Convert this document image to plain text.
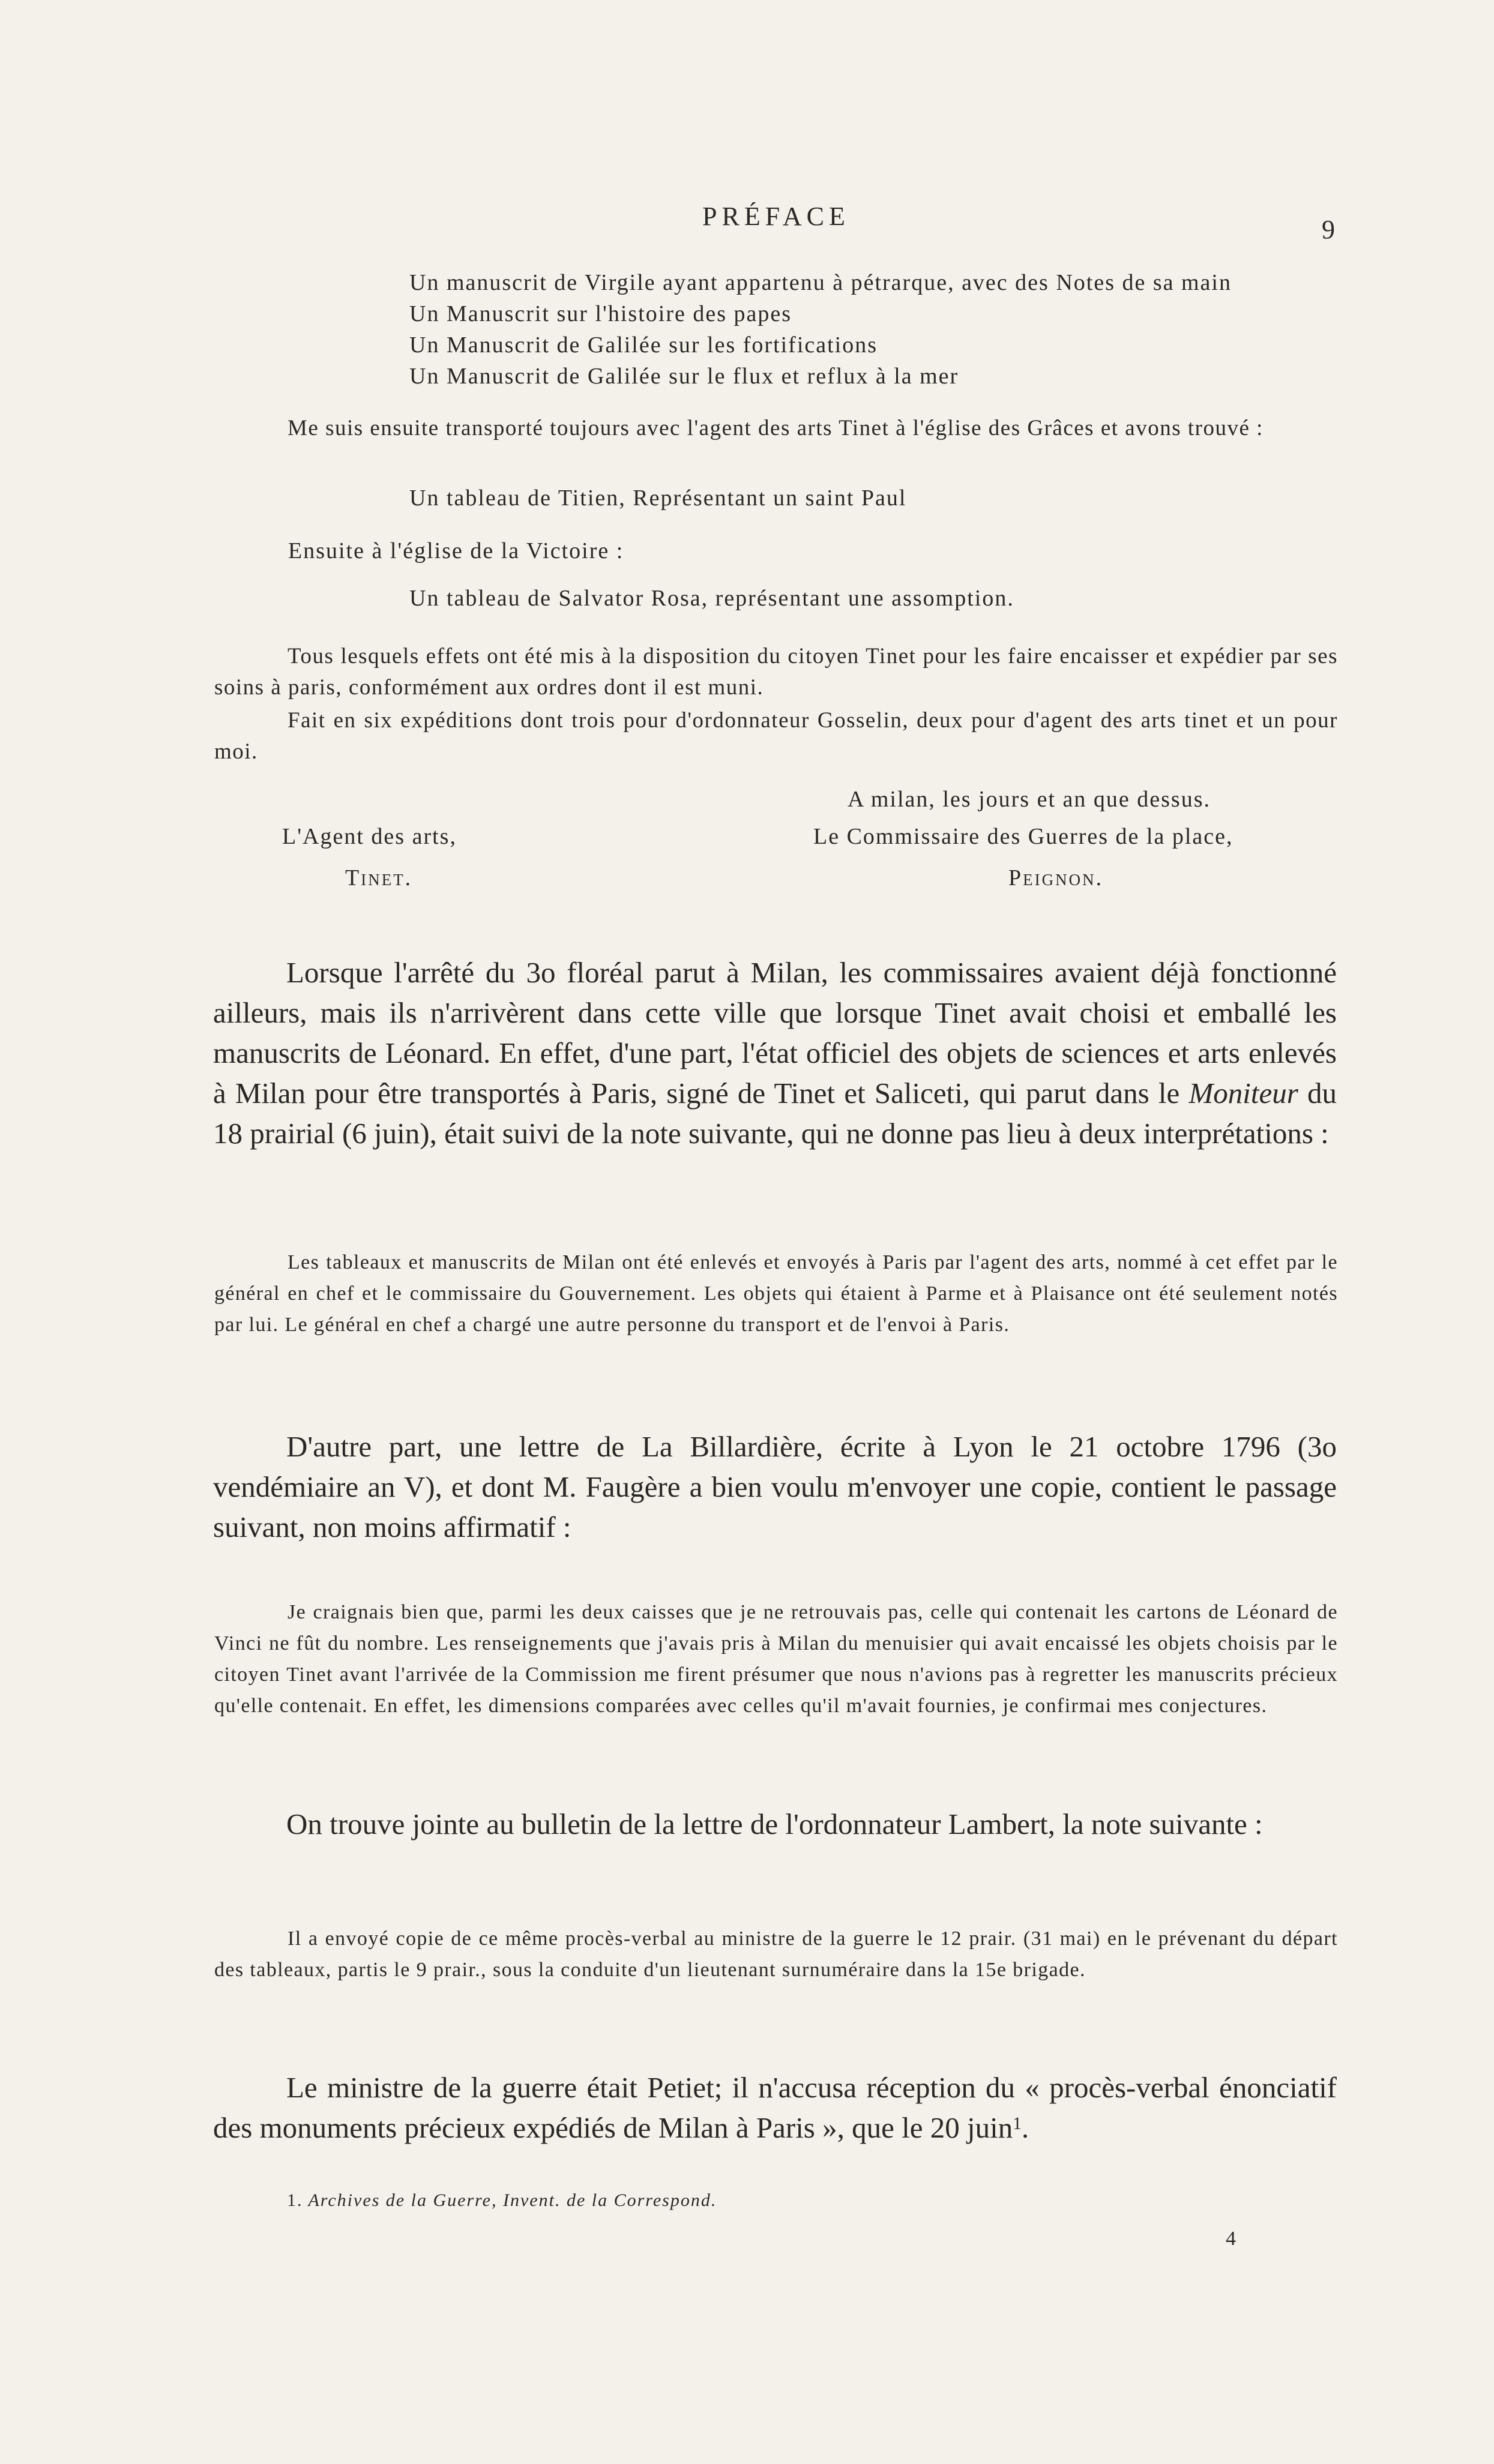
PRÉFACE	9
Un manuscrit de Virgile ayant appartenu à pétrarque, avec des Notes de sa main
Un Manuscrit sur l'histoire des papes
Un Manuscrit de Galilée sur les fortifications
Un Manuscrit de Galilée sur le flux et reflux à la mer
Me suis ensuite transporté toujours avec l'agent des arts Tinet à l'église des Grâces et avons trouvé :
Un tableau de Titien, Représentant un saint Paul
Ensuite à l'église de la Victoire :
Un tableau de Salvator Rosa, représentant une assomption.
Tous lesquels effets ont été mis à la disposition du citoyen Tinet pour les faire encaisser et expédier par ses soins à paris, conformément aux ordres dont il est muni.
Fait en six expéditions dont trois pour d'ordonnateur Gosselin, deux pour d'agent des arts tinet et un pour moi.
A milan, les jours et an que dessus.
L'Agent des arts,	Le Commissaire des Guerres de la place,
Tinet.	Peignon.
Lorsque l'arrêté du 3o floréal parut à Milan, les commissaires avaient déjà fonctionné ailleurs, mais ils n'arrivèrent dans cette ville que lorsque Tinet avait choisi et emballé les manuscrits de Léonard. En effet, d'une part, l'état officiel des objets de sciences et arts enlevés à Milan pour être transportés à Paris, signé de Tinet et Saliceti, qui parut dans le Moniteur du 18 prairial (6 juin), était suivi de la note suivante, qui ne donne pas lieu à deux interprétations :
Les tableaux et manuscrits de Milan ont été enlevés et envoyés à Paris par l'agent des arts, nommé à cet effet par le général en chef et le commissaire du Gouvernement. Les objets qui étaient à Parme et à Plaisance ont été seulement notés par lui. Le général en chef a chargé une autre personne du transport et de l'envoi à Paris.
D'autre part, une lettre de La Billardière, écrite à Lyon le 21 octobre 1796 (3o vendémiaire an V), et dont M. Faugère a bien voulu m'envoyer une copie, contient le passage suivant, non moins affirmatif :
Je craignais bien que, parmi les deux caisses que je ne retrouvais pas, celle qui contenait les cartons de Léonard de Vinci ne fût du nombre. Les renseignements que j'avais pris à Milan du menuisier qui avait encaissé les objets choisis par le citoyen Tinet avant l'arrivée de la Commission me firent présumer que nous n'avions pas à regretter les manuscrits précieux qu'elle contenait. En effet, les dimensions comparées avec celles qu'il m'avait fournies, je confirmai mes conjectures.
On trouve jointe au bulletin de la lettre de l'ordonnateur Lambert, la note suivante :
Il a envoyé copie de ce même procès-verbal au ministre de la guerre le 12 prair. (31 mai) en le prévenant du départ des tableaux, partis le 9 prair., sous la conduite d'un lieutenant surnuméraire dans la 15e brigade.
Le ministre de la guerre était Petiet; il n'accusa réception du « procès-verbal énonciatif des monuments précieux expédiés de Milan à Paris », que le 20 juin$^1$.
1. Archives de la Guerre, Invent. de la Correspond.
4
